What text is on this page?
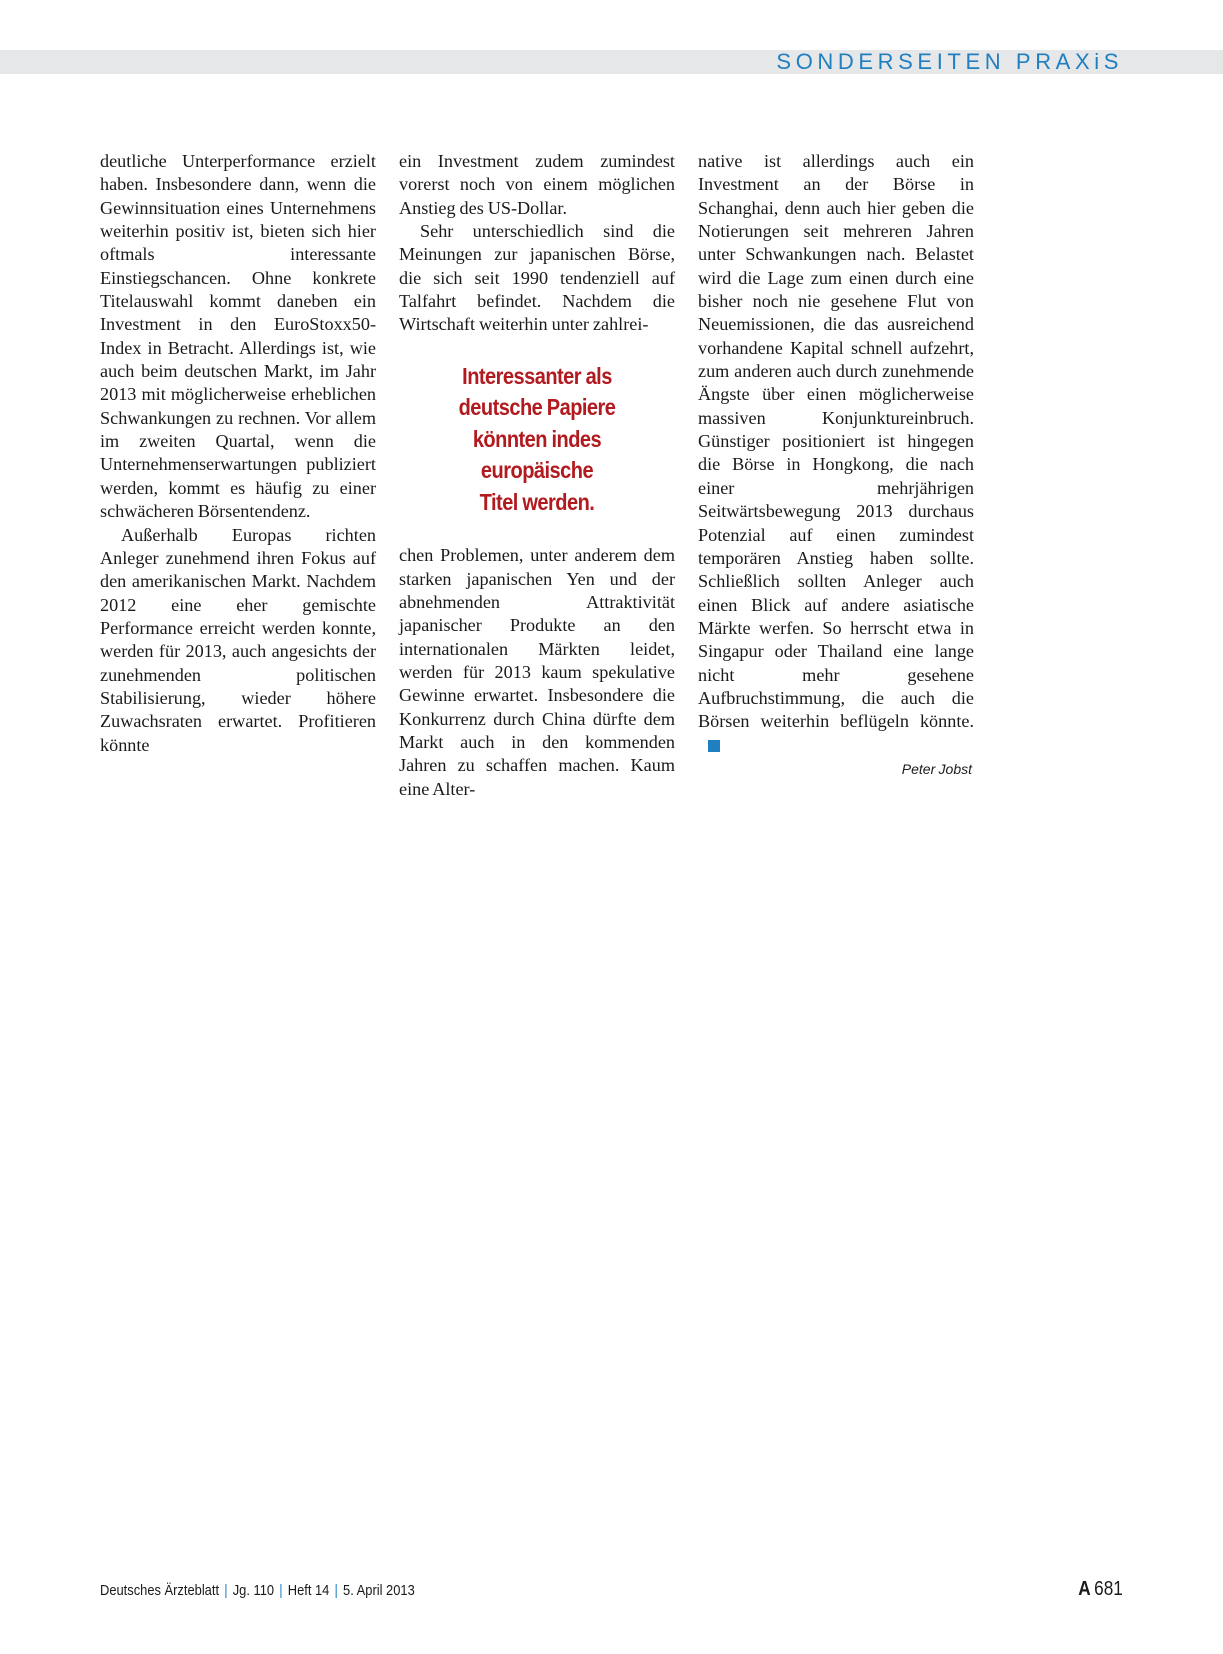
SONDERSEITEN PRAXiS

deutliche Unterperformance erzielt haben. Insbesondere dann, wenn die Gewinnsituation eines Unternehmens weiterhin positiv ist, bieten sich hier oftmals interessante Einstiegschancen. Ohne konkrete Titelauswahl kommt daneben ein Investment in den EuroStoxx50-Index in Betracht. Allerdings ist, wie auch beim deutschen Markt, im Jahr 2013 mit möglicherweise erheblichen Schwankungen zu rechnen. Vor allem im zweiten Quartal, wenn die Unternehmenserwartungen publiziert werden, kommt es häufig zu einer schwächeren Börsentendenz.

Außerhalb Europas richten Anleger zunehmend ihren Fokus auf den amerikanischen Markt. Nachdem 2012 eine eher gemischte Performance erreicht werden konnte, werden für 2013, auch angesichts der zunehmenden politischen Stabilisierung, wieder höhere Zuwachsraten erwartet. Profitieren könnte

ein Investment zudem zumindest vorerst noch von einem möglichen Anstieg des US-Dollar.

Sehr unterschiedlich sind die Meinungen zur japanischen Börse, die sich seit 1990 tendenziell auf Talfahrt befindet. Nachdem die Wirtschaft weiterhin unter zahlrei-

Interessanter als
deutsche Papiere
könnten indes
europäische
Titel werden.

chen Problemen, unter anderem dem starken japanischen Yen und der abnehmenden Attraktivität japanischer Produkte an den internationalen Märkten leidet, werden für 2013 kaum spekulative Gewinne erwartet. Insbesondere die Konkurrenz durch China dürfte dem Markt auch in den kommenden Jahren zu schaffen machen. Kaum eine Alter-

native ist allerdings auch ein Investment an der Börse in Schanghai, denn auch hier geben die Notierungen seit mehreren Jahren unter Schwankungen nach. Belastet wird die Lage zum einen durch eine bisher noch nie gesehene Flut von Neuemissionen, die das ausreichend vorhandene Kapital schnell aufzehrt, zum anderen auch durch zunehmende Ängste über einen möglicherweise massiven Konjunktureinbruch. Günstiger positioniert ist hingegen die Börse in Hongkong, die nach einer mehrjährigen Seitwärtsbewegung 2013 durchaus Potenzial auf einen zumindest temporären Anstieg haben sollte. Schließlich sollten Anleger auch einen Blick auf andere asiatische Märkte werfen. So herrscht etwa in Singapur oder Thailand eine lange nicht mehr gesehene Aufbruchstimmung, die auch die Börsen weiterhin beflügeln könnte.

Peter Jobst
Deutsches Ärzteblatt | Jg. 110 | Heft 14 | 5. April 2013	A 681
